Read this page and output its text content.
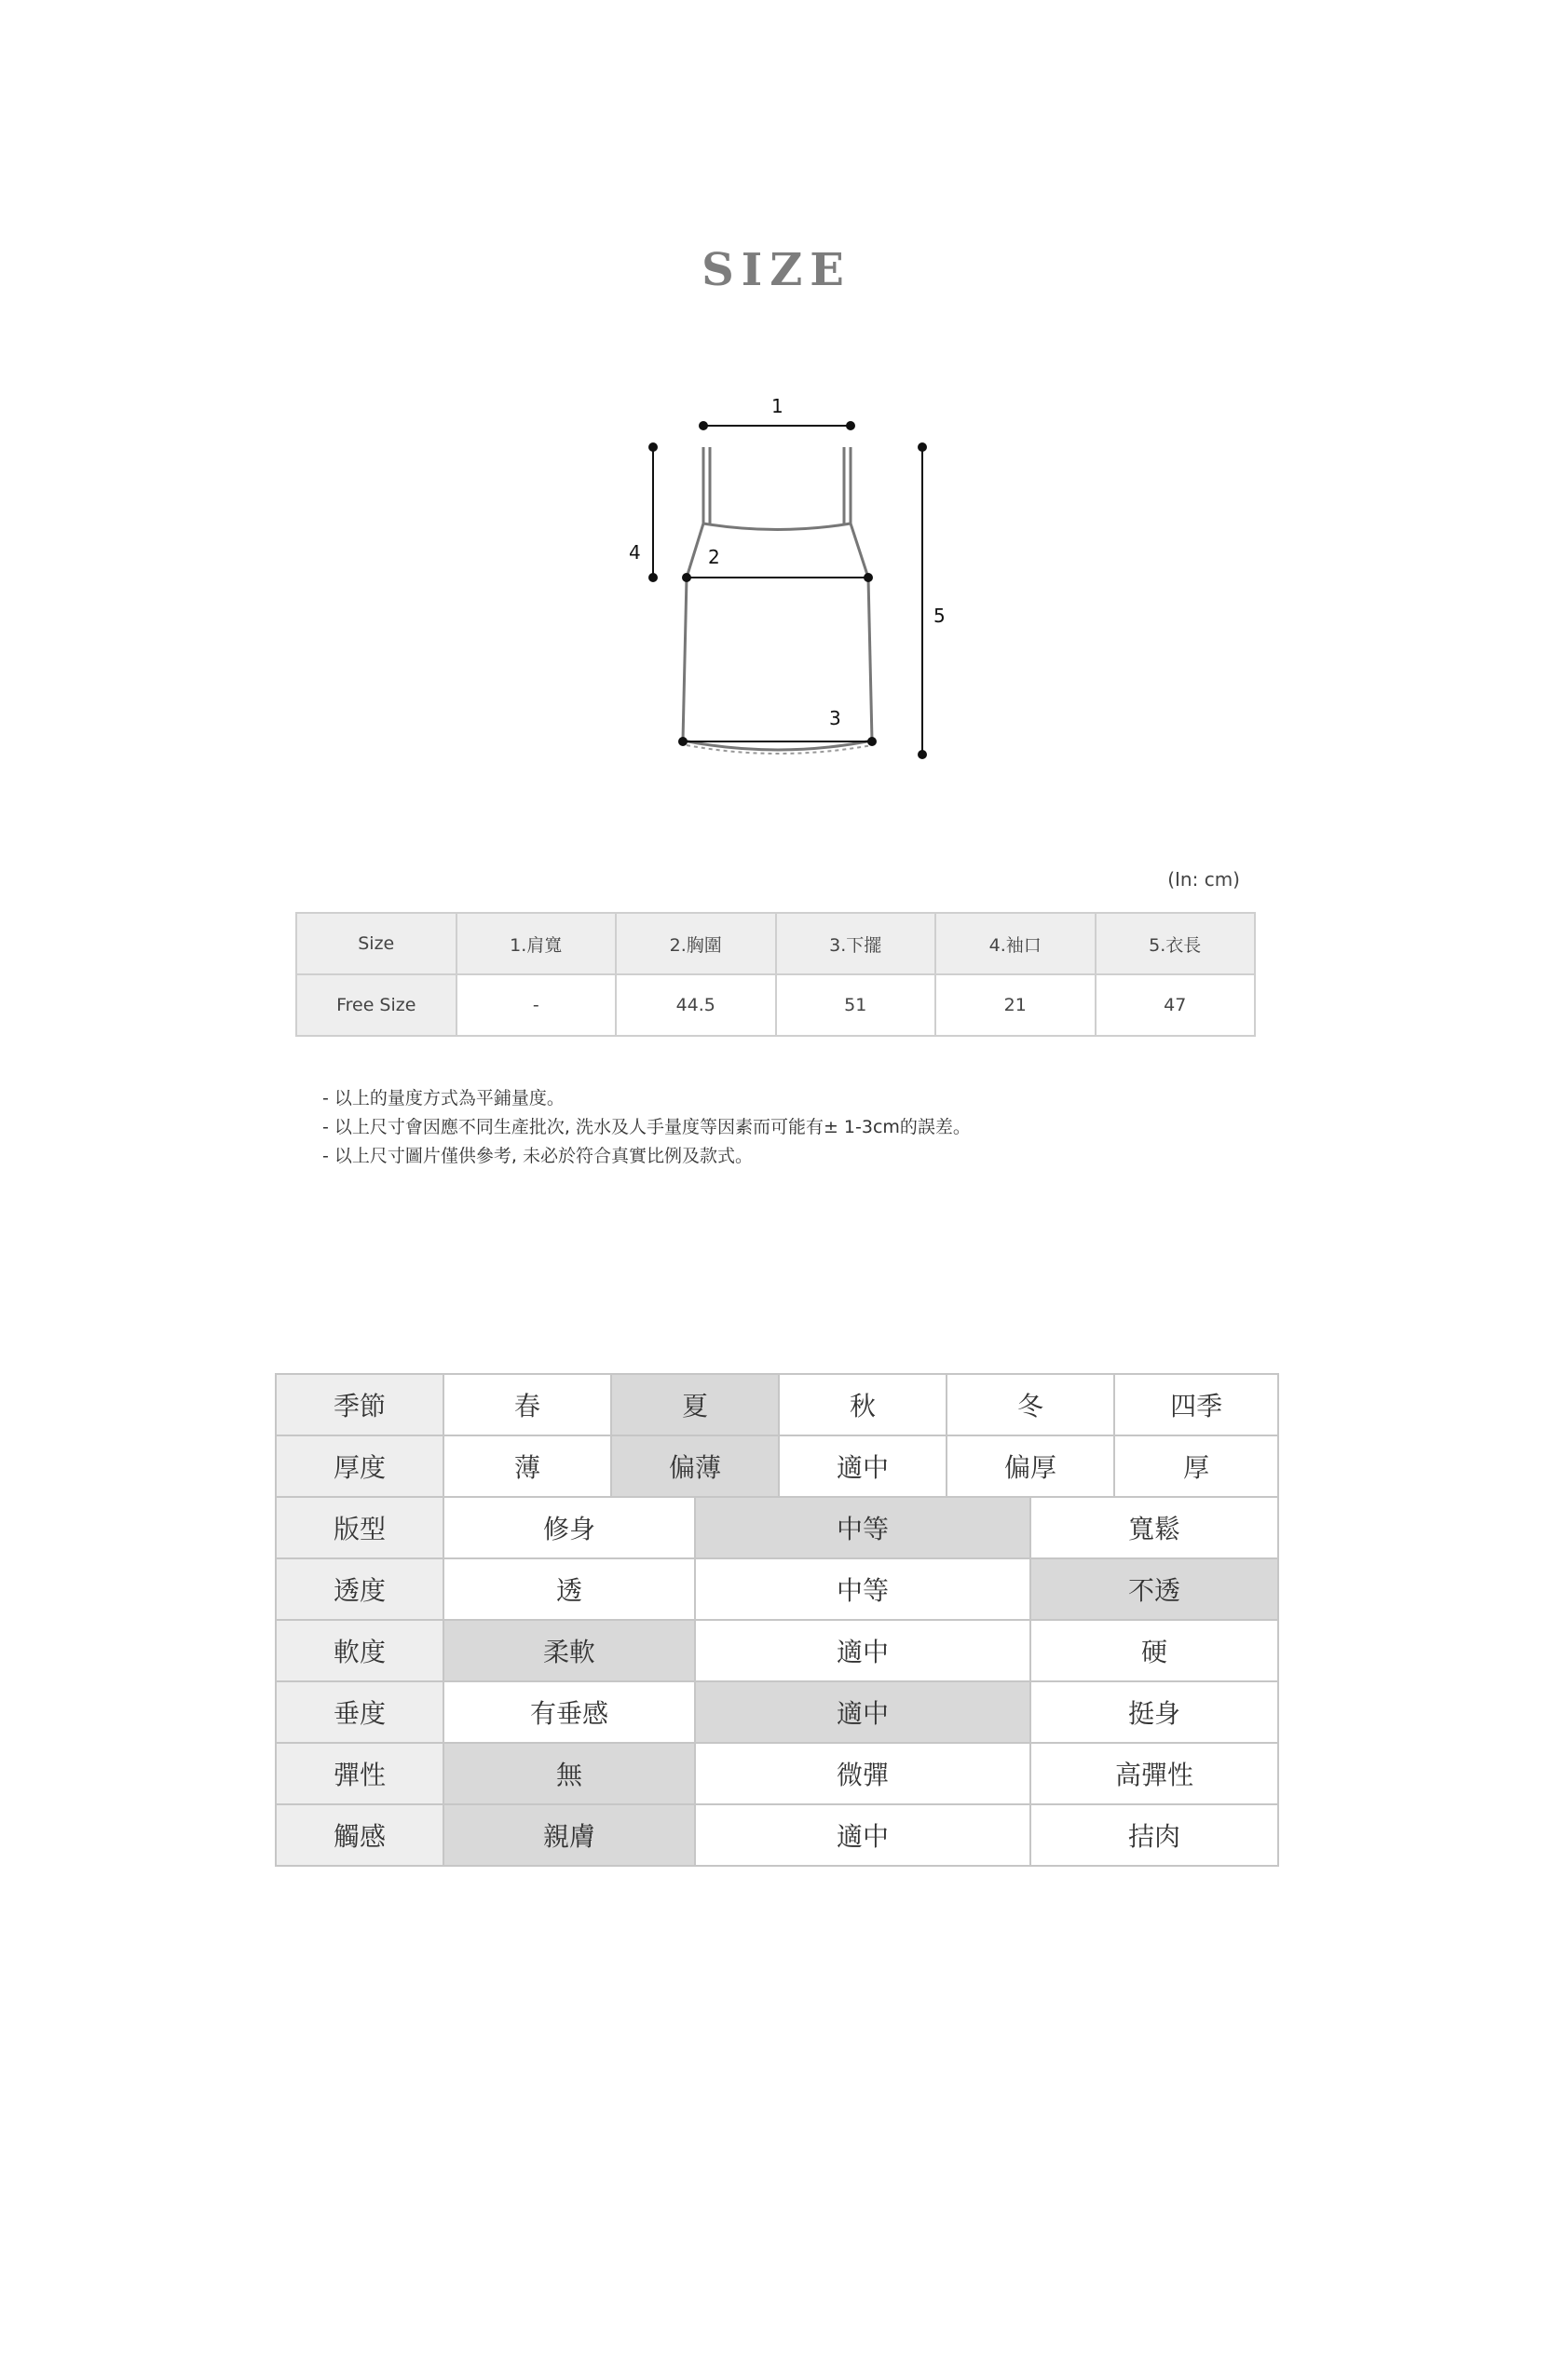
SIZE
1
2
3
4
5
(In: cm)
Size	1.肩寬	2.胸圍	3.下擺	4.袖口	5.衣長
Free Size	-	44.5	51	21	47
- 以上的量度方式為平鋪量度。
- 以上尺寸會因應不同生產批次, 洗水及人手量度等因素而可能有± 1-3cm的誤差。
- 以上尺寸圖片僅供參考, 未必於符合真實比例及款式。
季節	春	夏		秋	冬		四季
厚度	薄	偏薄		適中	偏厚		厚
版型	修身		中等			寬鬆	
透度	透		中等			不透	
軟度	柔軟		適中			硬	
垂度	有垂感		適中			挺身	
彈性	無		微彈			高彈性	
觸感	親膚		適中			拮肉	
